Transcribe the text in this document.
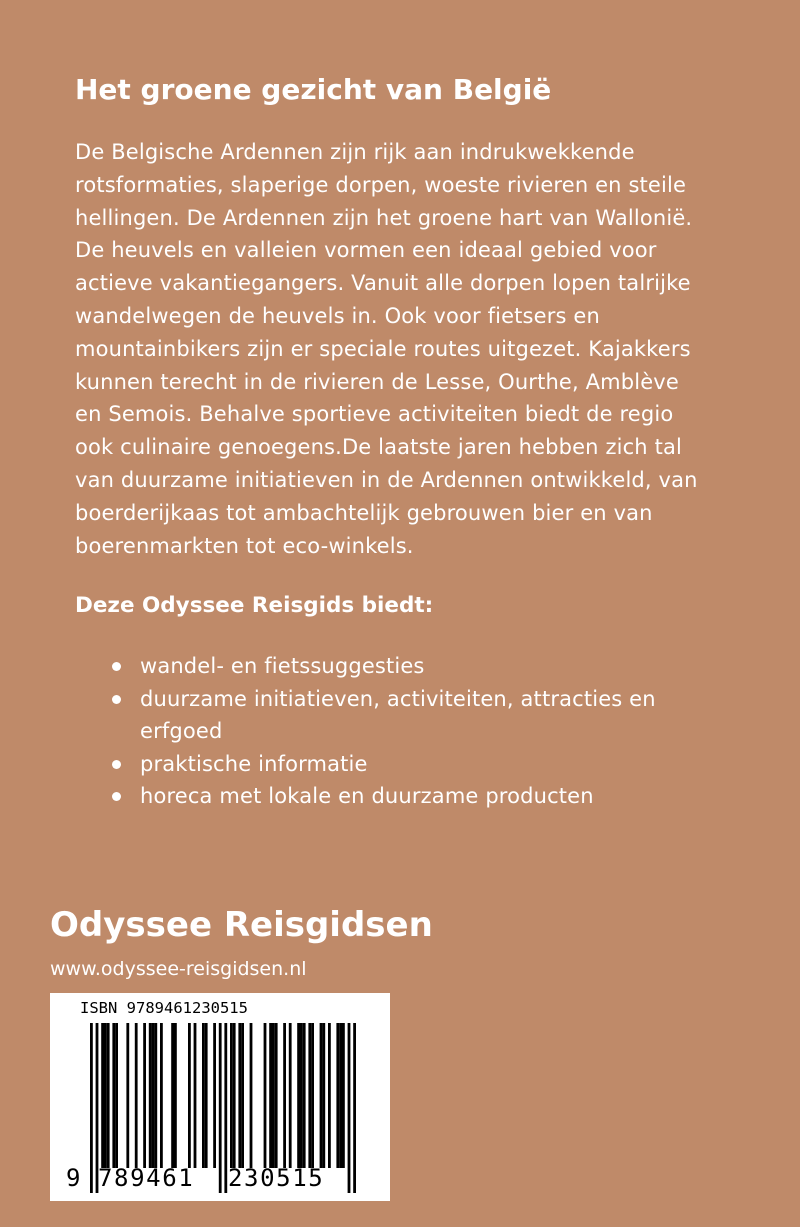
Het groene gezicht van België

De Belgische Ardennen zijn rijk aan indrukwekkende
rotsformaties, slaperige dorpen, woeste rivieren en steile
hellingen. De Ardennen zijn het groene hart van Wallonië.
De heuvels en valleien vormen een ideaal gebied voor
actieve vakantiegangers. Vanuit alle dorpen lopen talrijke
wandelwegen de heuvels in. Ook voor fietsers en
mountainbikers zijn er speciale routes uitgezet. Kajakkers
kunnen terecht in de rivieren de Lesse, Ourthe, Amblève
en Semois. Behalve sportieve activiteiten biedt de regio
ook culinaire genoegens.De laatste jaren hebben zich tal
van duurzame initiatieven in de Ardennen ontwikkeld, van
boerderijkaas tot ambachtelijk gebrouwen bier en van
boerenmarkten tot eco-winkels.

Deze Odyssee Reisgids biedt:
wandel- en fietssuggesties
duurzame initiatieven, activiteiten, attracties en
erfgoed
praktische informatie
horeca met lokale en duurzame producten
Odyssee Reisgidsen
www.odyssee-reisgidsen.nl
ISBN 9789461230515
9 789461 230515
